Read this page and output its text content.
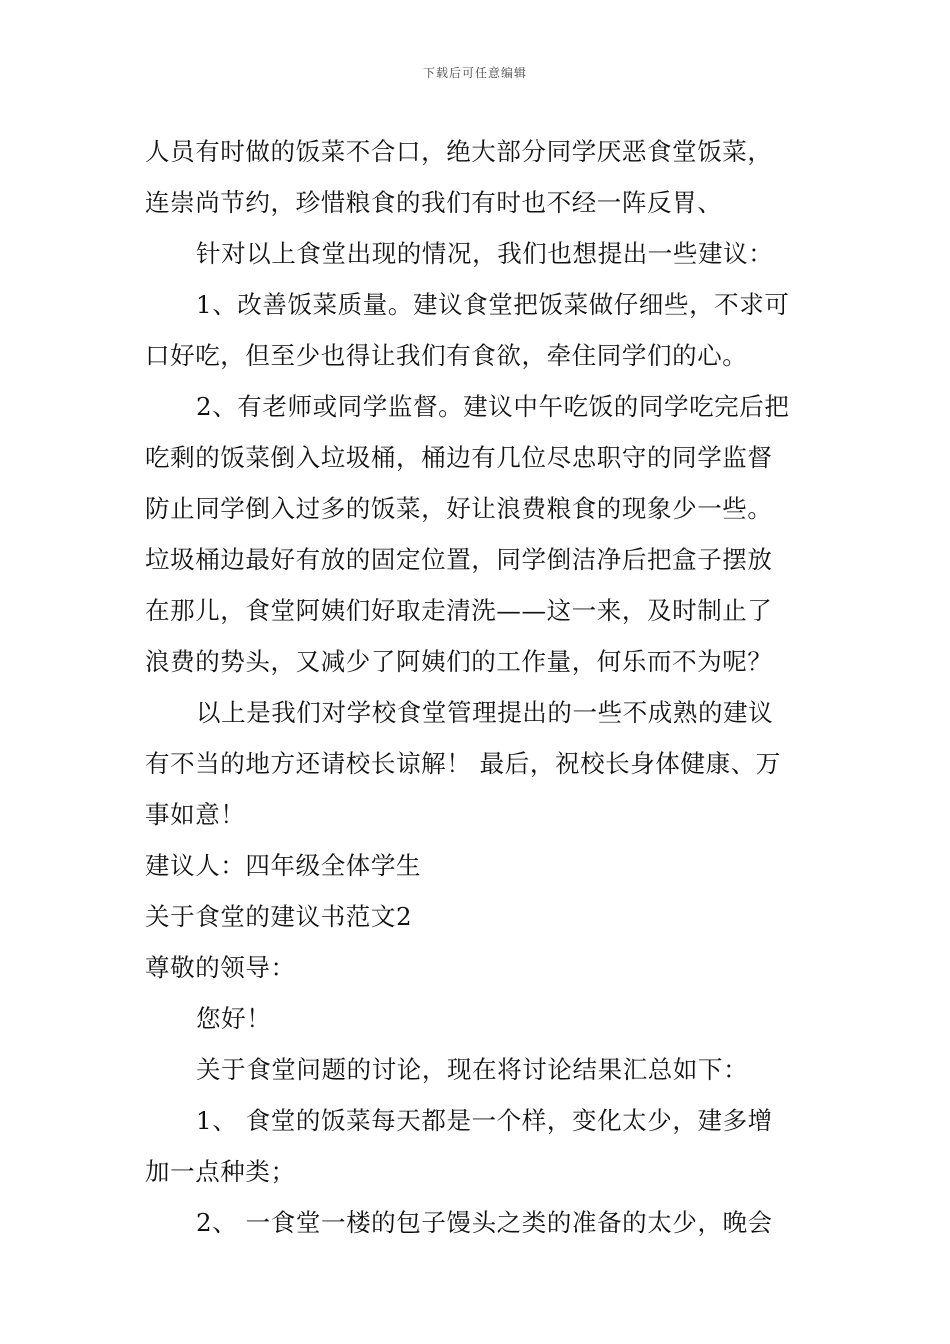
下载后可任意编辑
人员有时做的饭菜不合口，绝大部分同学厌恶食堂饭菜，
连崇尚节约，珍惜粮食的我们有时也不经一阵反胃、
针对以上食堂出现的情况，我们也想提出一些建议：
1、改善饭菜质量。建议食堂把饭菜做仔细些，不求可
口好吃，但至少也得让我们有食欲，牵住同学们的心。
2、有老师或同学监督。建议中午吃饭的同学吃完后把
吃剩的饭菜倒入垃圾桶，桶边有几位尽忠职守的同学监督
防止同学倒入过多的饭菜，好让浪费粮食的现象少一些。
垃圾桶边最好有放的固定位置，同学倒洁净后把盒子摆放
在那儿，食堂阿姨们好取走清洗——这一来，及时制止了
浪费的势头，又减少了阿姨们的工作量，何乐而不为呢？
以上是我们对学校食堂管理提出的一些不成熟的建议
有不当的地方还请校长谅解！ 最后，祝校长身体健康、万
事如意！
建议人：四年级全体学生
关于食堂的建议书范文2
尊敬的领导：
您好！
关于食堂问题的讨论，现在将讨论结果汇总如下：
1、 食堂的饭菜每天都是一个样，变化太少，建多增
加一点种类；
2、 一食堂一楼的包子馒头之类的准备的太少，晚会
